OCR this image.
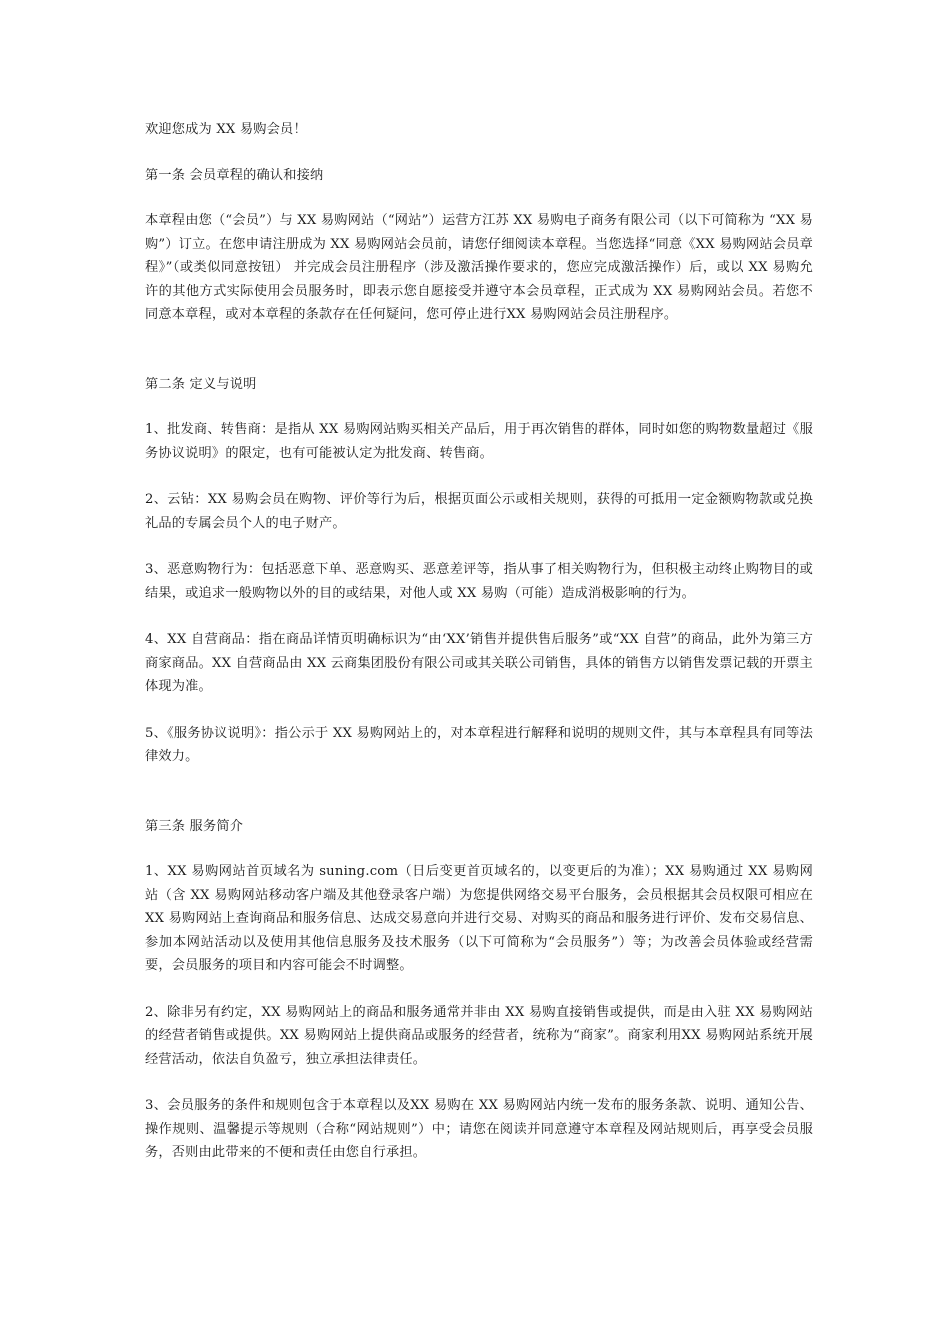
欢迎您成为 XX 易购会员！

第一条 会员章程的确认和接纳

本章程由您（“会员”）与 XX 易购网站（“网站”）运营方江苏 XX 易购电子商务有限公司（以下可简称为 “XX 易购”）订立。在您申请注册成为 XX 易购网站会员前，请您仔细阅读本章程。当您选择“同意《XX 易购网站会员章程》”（或类似同意按钮） 并完成会员注册程序（涉及激活操作要求的，您应完成激活操作）后，或以 XX 易购允许的其他方式实际使用会员服务时，即表示您自愿接受并遵守本会员章程，正式成为 XX 易购网站会员。若您不同意本章程，或对本章程的条款存在任何疑问，您可停止进行XX 易购网站会员注册程序。

第二条 定义与说明

1、批发商、转售商：是指从 XX 易购网站购买相关产品后，用于再次销售的群体，同时如您的购物数量超过《服务协议说明》的限定，也有可能被认定为批发商、转售商。

2、云钻：XX 易购会员在购物、评价等行为后，根据页面公示或相关规则，获得的可抵用一定金额购物款或兑换礼品的专属会员个人的电子财产。

3、恶意购物行为：包括恶意下单、恶意购买、恶意差评等，指从事了相关购物行为，但积极主动终止购物目的或结果，或追求一般购物以外的目的或结果，对他人或 XX 易购（可能）造成消极影响的行为。

4、XX 自营商品：指在商品详情页明确标识为“由‘XX’销售并提供售后服务”或“XX 自营”的商品，此外为第三方商家商品。XX 自营商品由 XX 云商集团股份有限公司或其关联公司销售，具体的销售方以销售发票记载的开票主体现为准。

5、《服务协议说明》：指公示于 XX 易购网站上的，对本章程进行解释和说明的规则文件，其与本章程具有同等法律效力。

第三条 服务简介

1、XX 易购网站首页域名为 suning.com（日后变更首页域名的，以变更后的为准）；XX 易购通过 XX 易购网站（含 XX 易购网站移动客户端及其他登录客户端）为您提供网络交易平台服务，会员根据其会员权限可相应在 XX 易购网站上查询商品和服务信息、达成交易意向并进行交易、对购买的商品和服务进行评价、发布交易信息、参加本网站活动以及使用其他信息服务及技术服务（以下可简称为“会员服务”）等；为改善会员体验或经营需要，会员服务的项目和内容可能会不时调整。

2、除非另有约定，XX 易购网站上的商品和服务通常并非由 XX 易购直接销售或提供，而是由入驻 XX 易购网站的经营者销售或提供。XX 易购网站上提供商品或服务的经营者，统称为“商家”。商家利用XX 易购网站系统开展经营活动，依法自负盈亏，独立承担法律责任。

3、会员服务的条件和规则包含于本章程以及XX 易购在 XX 易购网站内统一发布的服务条款、说明、通知公告、操作规则、温馨提示等规则（合称“网站规则”）中；请您在阅读并同意遵守本章程及网站规则后，再享受会员服务，否则由此带来的不便和责任由您自行承担。
